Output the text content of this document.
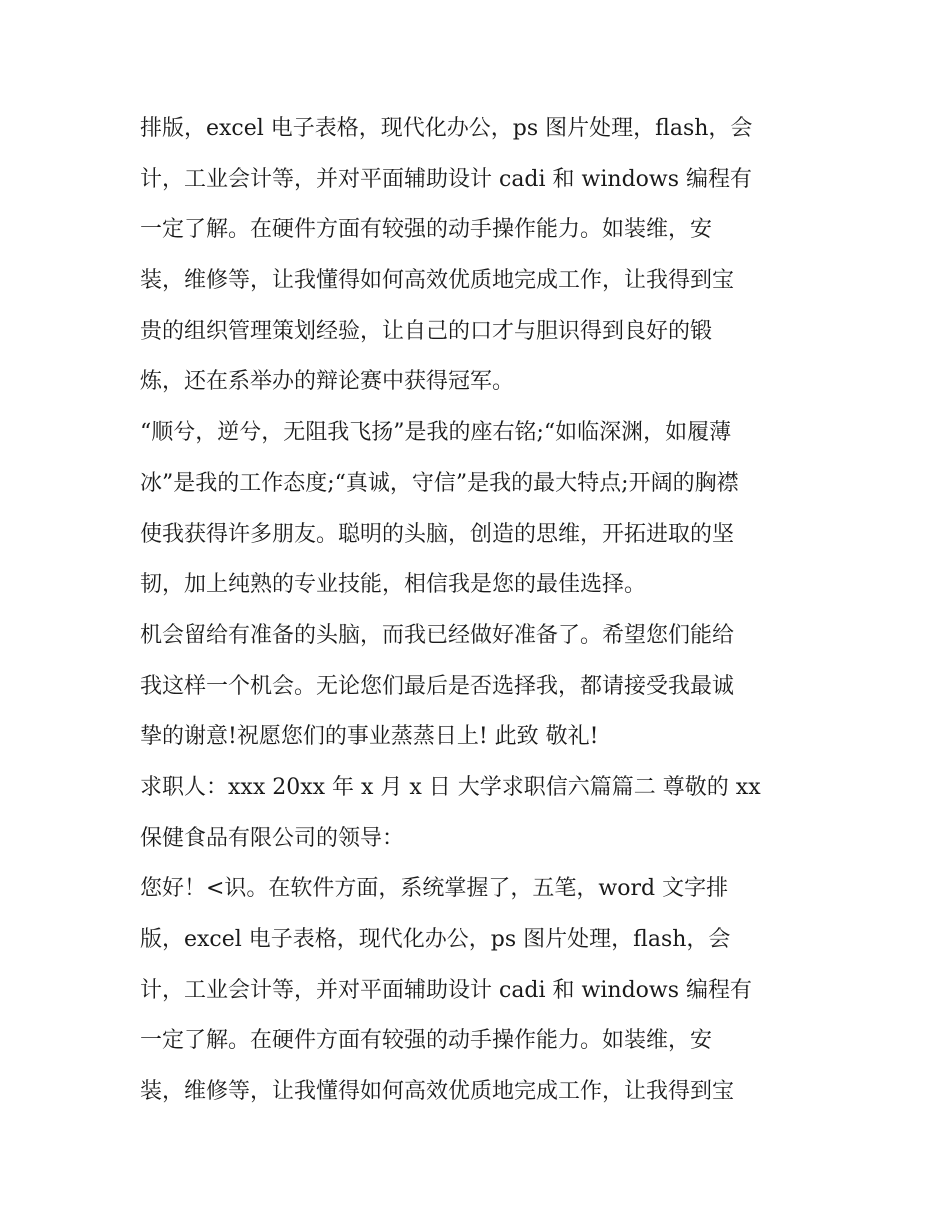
排版，excel 电子表格，现代化办公，ps 图片处理，flash，会
计，工业会计等，并对平面辅助设计 cadi 和 windows 编程有
一定了解。在硬件方面有较强的动手操作能力。如装维，安
装，维修等，让我懂得如何高效优质地完成工作，让我得到宝
贵的组织管理策划经验，让自己的口才与胆识得到良好的锻
炼，还在系举办的辩论赛中获得冠军。
“顺兮，逆兮，无阻我飞扬”是我的座右铭;“如临深渊，如履薄
冰”是我的工作态度;“真诚，守信”是我的最大特点;开阔的胸襟
使我获得许多朋友。聪明的头脑，创造的思维，开拓进取的坚
韧，加上纯熟的专业技能，相信我是您的最佳选择。
机会留给有准备的头脑，而我已经做好准备了。希望您们能给
我这样一个机会。无论您们最后是否选择我，都请接受我最诚
挚的谢意!祝愿您们的事业蒸蒸日上! 此致 敬礼!
求职人：xxx 20xx 年 x 月 x 日 大学求职信六篇篇二 尊敬的 xx
保健食品有限公司的领导：
您好！<识。在软件方面，系统掌握了，五笔，word 文字排
版，excel 电子表格，现代化办公，ps 图片处理，flash，会
计，工业会计等，并对平面辅助设计 cadi 和 windows 编程有
一定了解。在硬件方面有较强的动手操作能力。如装维，安
装，维修等，让我懂得如何高效优质地完成工作，让我得到宝
